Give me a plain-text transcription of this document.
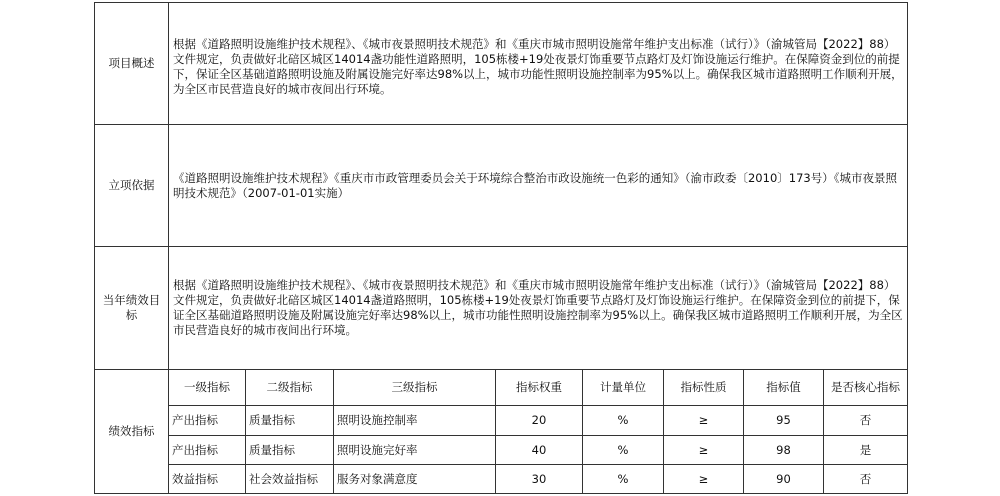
项目概述	根据《道路照明设施维护技术规程》、《城市夜景照明技术规范》和《重庆市城市照明设施常年维护支出标准（试行）》（渝城管局【2022】88）文件规定，负责做好北碚区城区14014盏功能性道路照明，105栋楼+19处夜景灯饰重要节点路灯及灯饰设施运行维护。在保障资金到位的前提下，保证全区基础道路照明设施及附属设施完好率达98%以上，城市功能性照明设施控制率为95%以上。确保我区城市道路照明工作顺利开展，为全区市民营造良好的城市夜间出行环境。							
立项依据	《道路照明设施维护技术规程》《重庆市市政管理委员会关于环境综合整治市政设施统一色彩的通知》（渝市政委〔2010〕173号）《城市夜景照明技术规范》（2007-01-01实施）							
当年绩效目标	根据《道路照明设施维护技术规程》、《城市夜景照明技术规范》和《重庆市城市照明设施常年维护支出标准（试行）》（渝城管局【2022】88）文件规定，负责做好北碚区城区14014盏道路照明，105栋楼+19处夜景灯饰重要节点路灯及灯饰设施运行维护。在保障资金到位的前提下，保证全区基础道路照明设施及附属设施完好率达98%以上，城市功能性照明设施控制率为95%以上。确保我区城市道路照明工作顺利开展，为全区市民营造良好的城市夜间出行环境。							
绩效指标	一级指标	二级指标	三级指标	指标权重	计量单位	指标性质	指标值	是否核心指标
	产出指标	质量指标	照明设施控制率	20	%	≥	95	否
	产出指标	质量指标	照明设施完好率	40	%	≥	98	是
	效益指标	社会效益指标	服务对象满意度	30	%	≥	90	否
